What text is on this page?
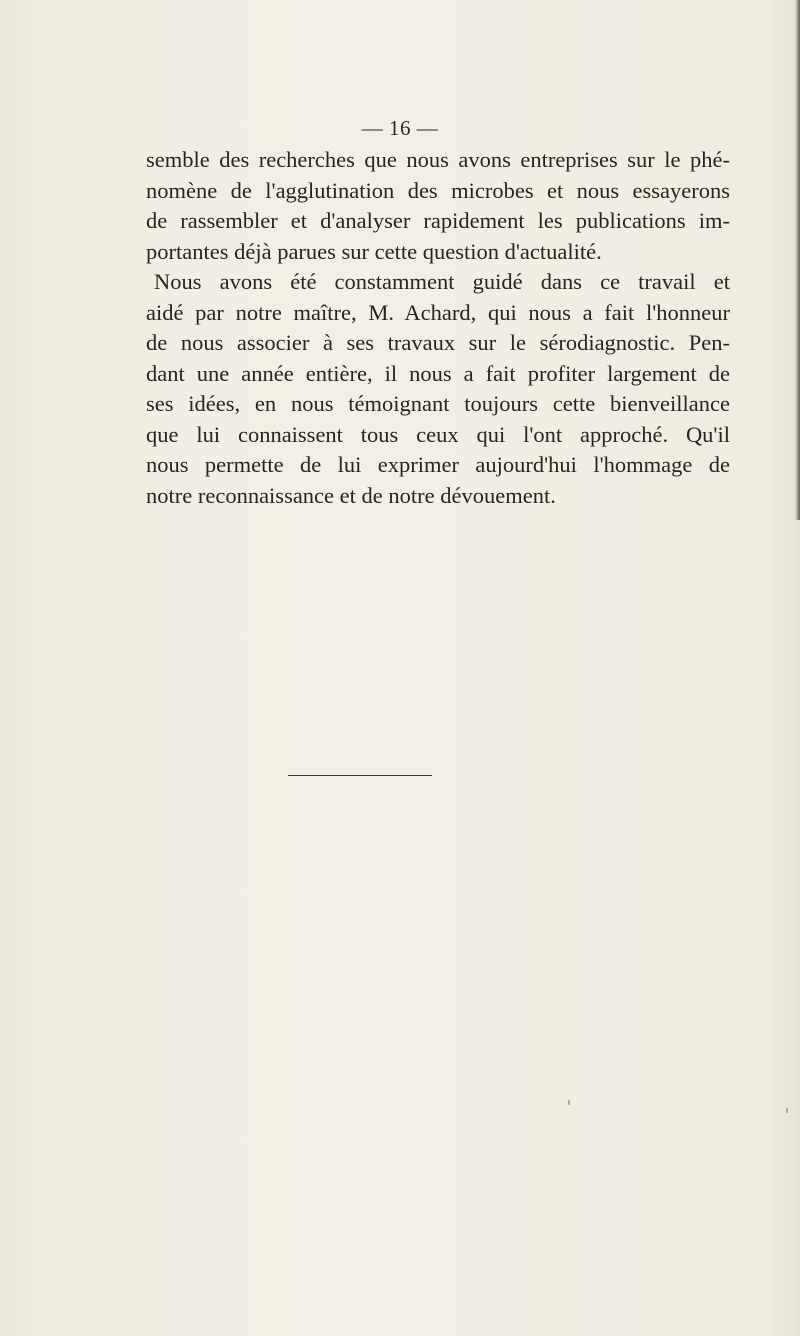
— 16 —
semble des recherches que nous avons entreprises sur le phé-
nomène de l'agglutination des microbes et nous essayerons
de rassembler et d'analyser rapidement les publications im-
portantes déjà parues sur cette question d'actualité.
Nous avons été constamment guidé dans ce travail et
aidé par notre maître, M. Achard, qui nous a fait l'honneur
de nous associer à ses travaux sur le sérodiagnostic. Pen-
dant une année entière, il nous a fait profiter largement de
ses idées, en nous témoignant toujours cette bienveillance
que lui connaissent tous ceux qui l'ont approché. Qu'il
nous permette de lui exprimer aujourd'hui l'hommage de
notre reconnaissance et de notre dévouement.
